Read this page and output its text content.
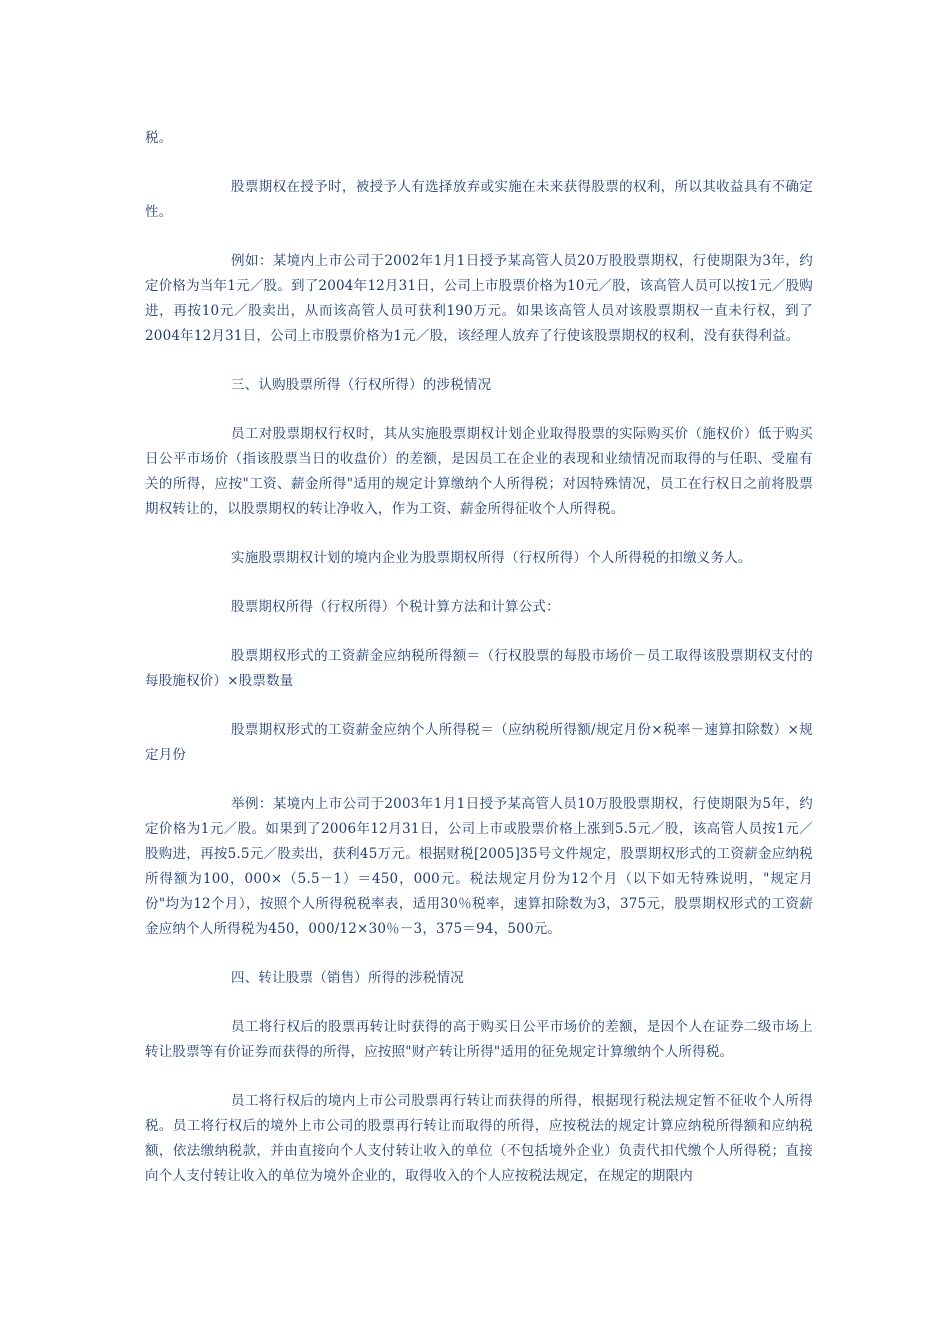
税。

股票期权在授予时，被授予人有选择放弃或实施在未来获得股票的权利，所以其收益具有不确定性。

例如：某境内上市公司于2002年1月1日授予某高管人员20万股股票期权，行使期限为3年，约定价格为当年1元／股。到了2004年12月31日，公司上市股票价格为10元／股，该高管人员可以按1元／股购进，再按10元／股卖出，从而该高管人员可获利190万元。如果该高管人员对该股票期权一直未行权，到了2004年12月31日，公司上市股票价格为1元／股，该经理人放弃了行使该股票期权的权利，没有获得利益。

三、认购股票所得（行权所得）的涉税情况

员工对股票期权行权时，其从实施股票期权计划企业取得股票的实际购买价（施权价）低于购买日公平市场价（指该股票当日的收盘价）的差额，是因员工在企业的表现和业绩情况而取得的与任职、受雇有关的所得，应按"工资、薪金所得"适用的规定计算缴纳个人所得税；对因特殊情况，员工在行权日之前将股票期权转让的，以股票期权的转让净收入，作为工资、薪金所得征收个人所得税。

实施股票期权计划的境内企业为股票期权所得（行权所得）个人所得税的扣缴义务人。

股票期权所得（行权所得）个税计算方法和计算公式：

股票期权形式的工资薪金应纳税所得额＝（行权股票的每股市场价－员工取得该股票期权支付的每股施权价）×股票数量

股票期权形式的工资薪金应纳个人所得税＝（应纳税所得额/规定月份×税率－速算扣除数）×规定月份

举例：某境内上市公司于2003年1月1日授予某高管人员10万股股票期权，行使期限为5年，约定价格为1元／股。如果到了2006年12月31日，公司上市或股票价格上涨到5.5元／股，该高管人员按1元／股购进，再按5.5元／股卖出，获利45万元。根据财税[2005]35号文件规定，股票期权形式的工资薪金应纳税所得额为100，000×（5.5－1）＝450，000元。税法规定月份为12个月（以下如无特殊说明，"规定月份"均为12个月），按照个人所得税税率表，适用30％税率，速算扣除数为3，375元，股票期权形式的工资薪金应纳个人所得税为450，000/12×30％－3，375＝94，500元。

四、转让股票（销售）所得的涉税情况

员工将行权后的股票再转让时获得的高于购买日公平市场价的差额，是因个人在证券二级市场上转让股票等有价证券而获得的所得，应按照"财产转让所得"适用的征免规定计算缴纳个人所得税。

员工将行权后的境内上市公司股票再行转让而获得的所得，根据现行税法规定暂不征收个人所得税。员工将行权后的境外上市公司的股票再行转让而取得的所得，应按税法的规定计算应纳税所得额和应纳税额，依法缴纳税款，并由直接向个人支付转让收入的单位（不包括境外企业）负责代扣代缴个人所得税；直接向个人支付转让收入的单位为境外企业的，取得收入的个人应按税法规定，在规定的期限内
